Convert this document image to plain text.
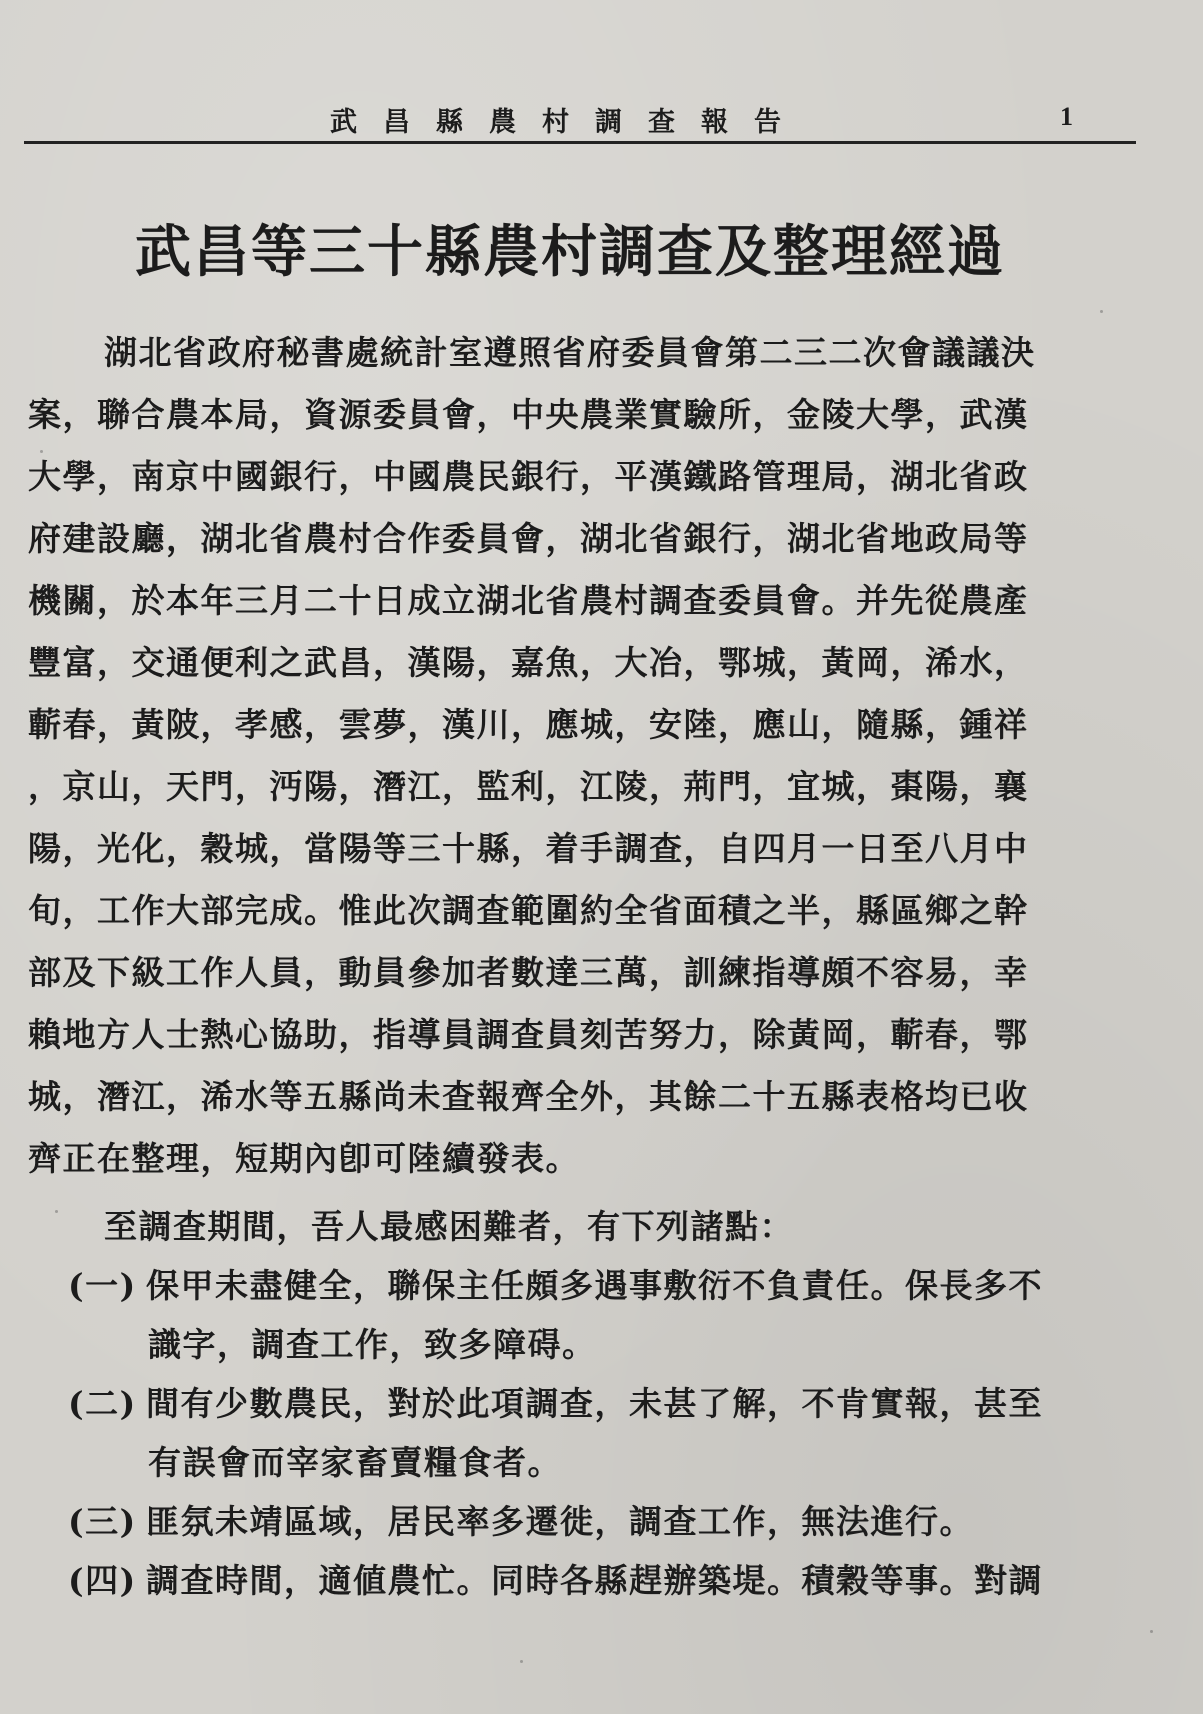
武昌縣農村調查報告	1
武昌等三十縣農村調查及整理經過
湖北省政府秘書處統計室遵照省府委員會第二三二次會議議決
案，聯合農本局，資源委員會，中央農業實驗所，金陵大學，武漢
大學，南京中國銀行，中國農民銀行，平漢鐵路管理局，湖北省政
府建設廳，湖北省農村合作委員會，湖北省銀行，湖北省地政局等
機關，於本年三月二十日成立湖北省農村調查委員會。并先從農產
豐富，交通便利之武昌，漢陽，嘉魚，大冶，鄂城，黃岡，浠水，
蘄春，黃陂，孝感，雲夢，漢川，應城，安陸，應山，隨縣，鍾祥
，京山，天門，沔陽，潛江，監利，江陵，荊門，宜城，棗陽，襄
陽，光化，穀城，當陽等三十縣，着手調查，自四月一日至八月中
旬，工作大部完成。惟此次調查範圍約全省面積之半，縣區鄉之幹
部及下級工作人員，動員參加者數達三萬，訓練指導頗不容易，幸
賴地方人士熱心協助，指導員調查員刻苦努力，除黃岡，蘄春，鄂
城，潛江，浠水等五縣尚未查報齊全外，其餘二十五縣表格均已收
齊正在整理，短期內卽可陸續發表。
至調查期間，吾人最感困難者，有下列諸點：
(一) 保甲未盡健全，聯保主任頗多遇事敷衍不負責任。保長多不
識字，調查工作，致多障碍。
(二) 間有少數農民，對於此項調查，未甚了解，不肯實報，甚至
有誤會而宰家畜賣糧食者。
(三) 匪氛未靖區域，居民率多遷徙，調查工作，無法進行。
(四) 調查時間，適値農忙。同時各縣趕辦築堤。積穀等事。對調
